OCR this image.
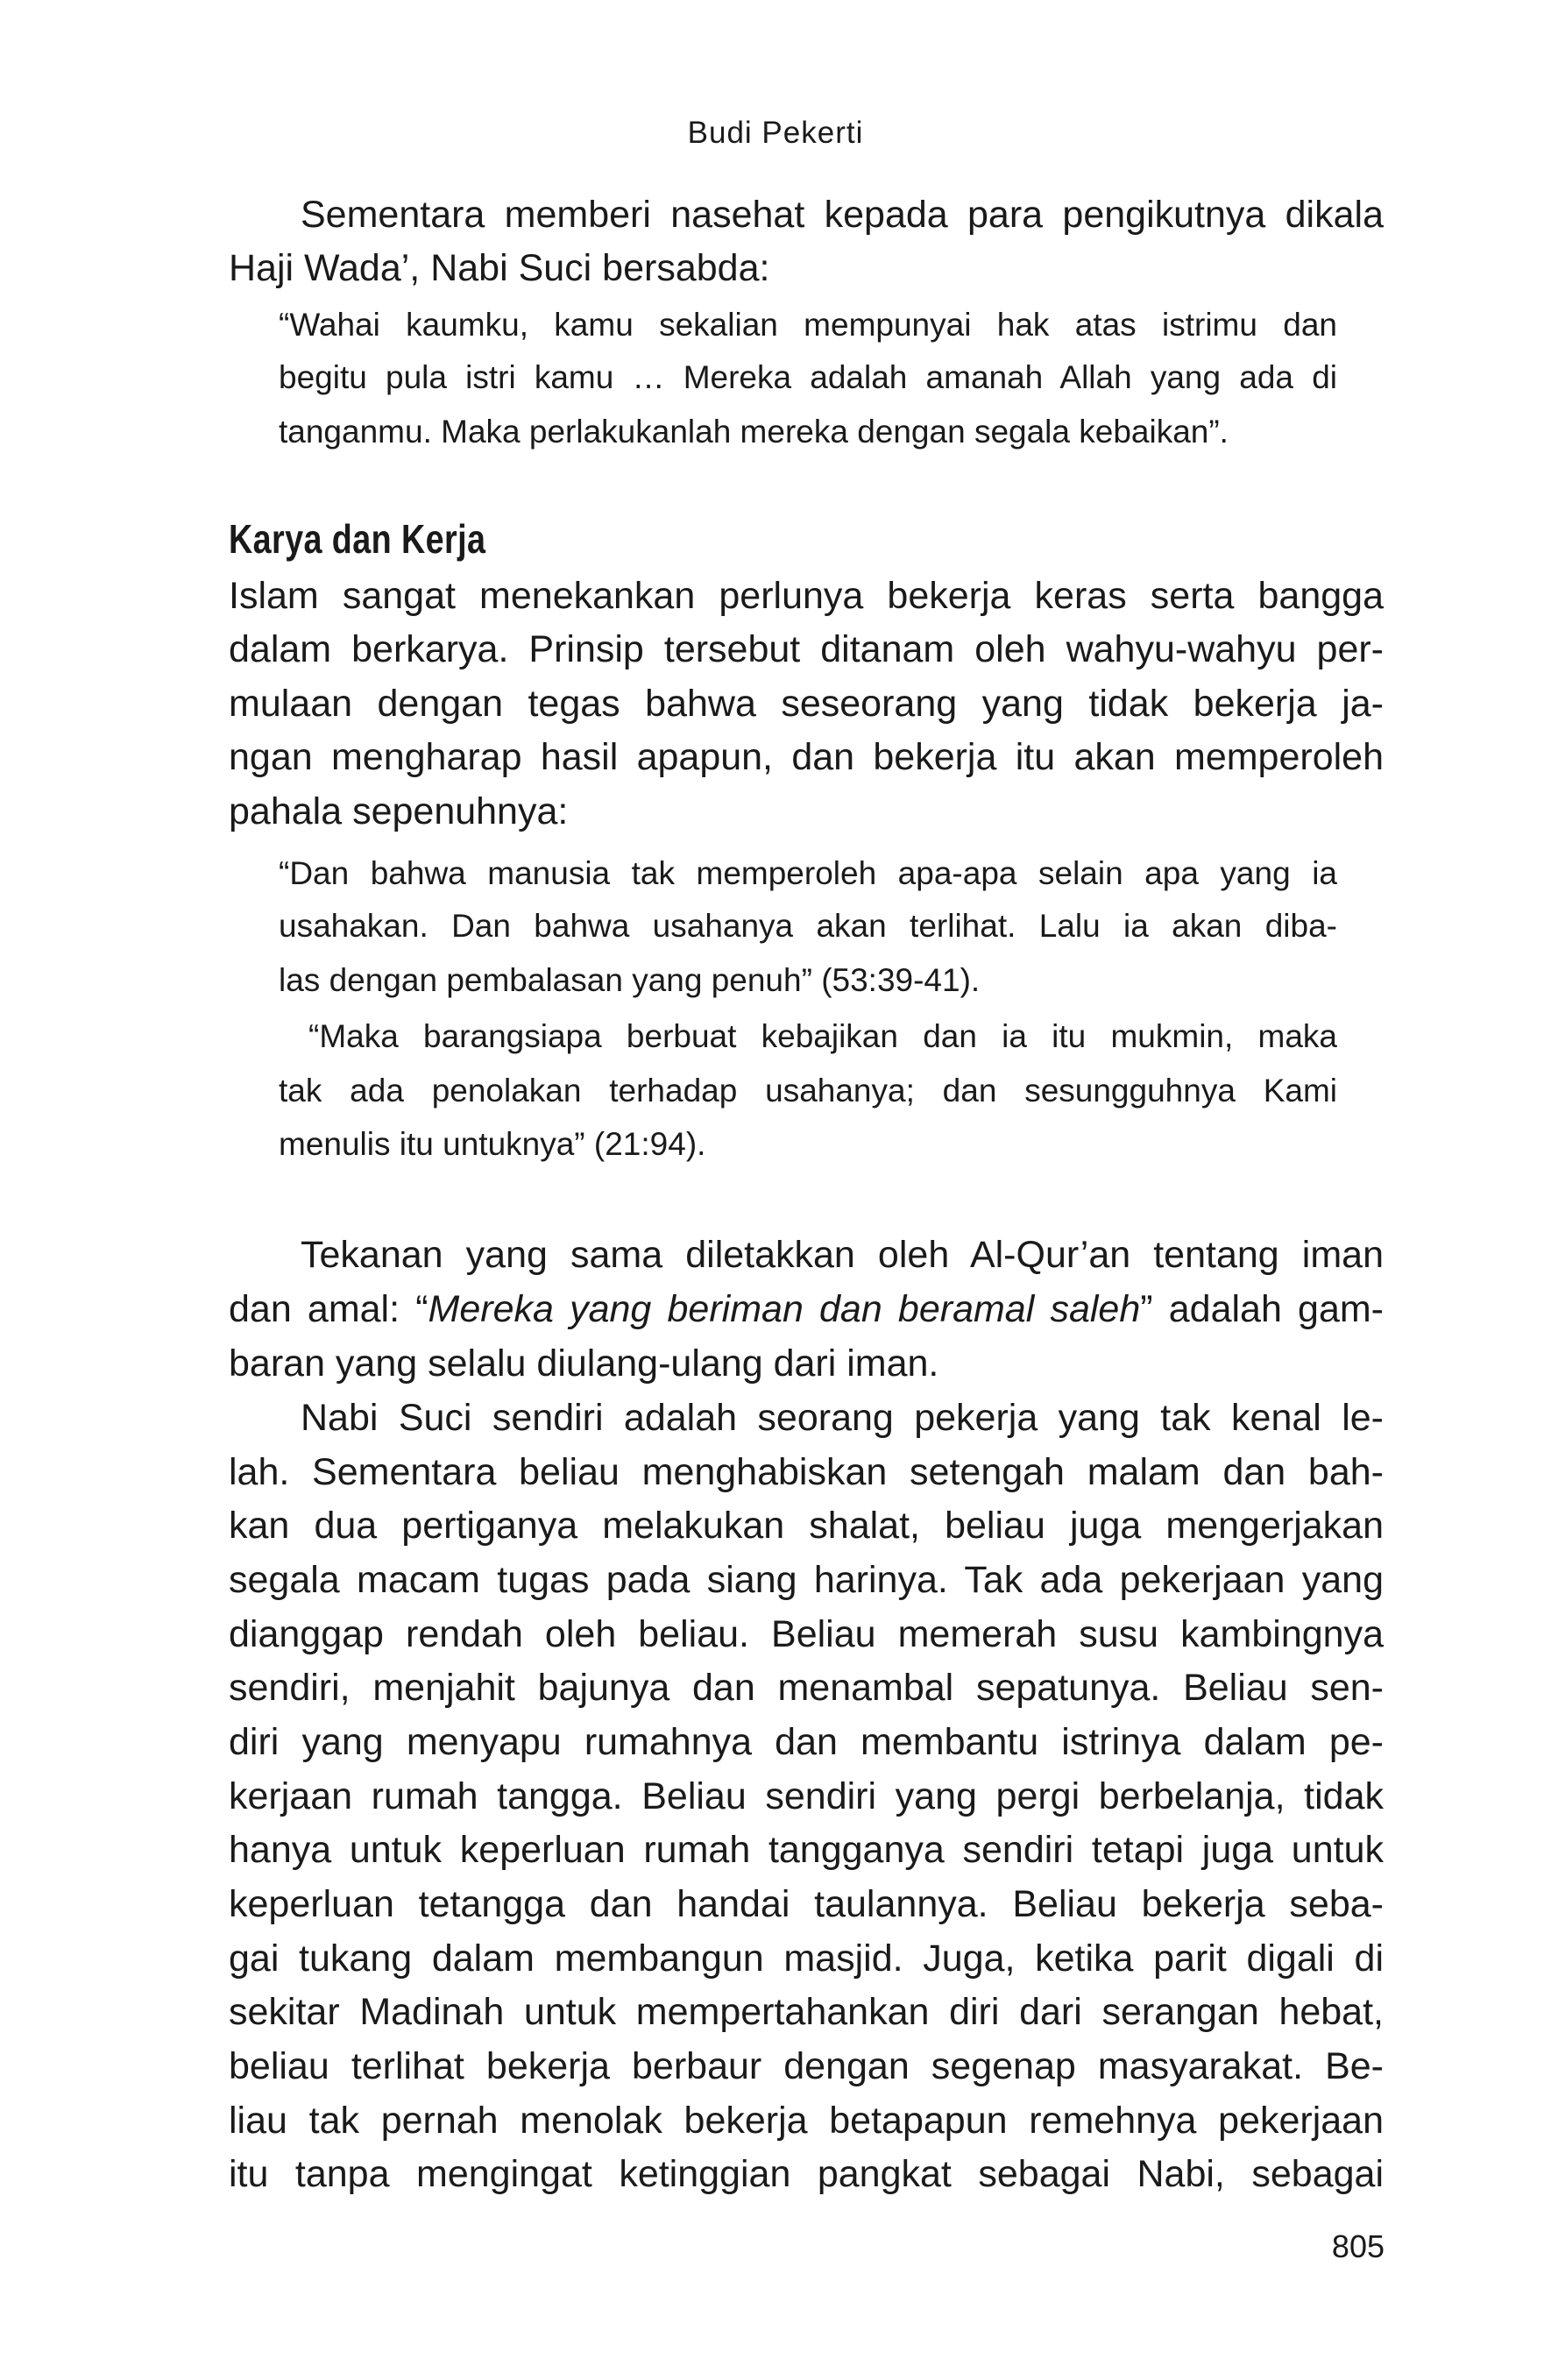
Budi Pekerti

Sementara memberi nasehat kepada para pengikutnya dikala

Haji Wada’, Nabi Suci bersabda:

“Wahai kaumku, kamu sekalian mempunyai hak atas istrimu dan

begitu pula istri kamu … Mereka adalah amanah Allah yang ada di

tanganmu. Maka perlakukanlah mereka dengan segala kebaikan”.

Karya dan Kerja

Islam sangat menekankan perlunya bekerja keras serta bangga

dalam berkarya. Prinsip tersebut ditanam oleh wahyu-wahyu per-

mulaan dengan tegas bahwa seseorang yang tidak bekerja ja-

ngan mengharap hasil apapun, dan bekerja itu akan memperoleh

pahala sepenuhnya:

“Dan bahwa manusia tak memperoleh apa-apa selain apa yang ia

usahakan. Dan bahwa usahanya akan terlihat. Lalu ia akan diba-

las dengan pembalasan yang penuh” (53:39-41).

“Maka barangsiapa berbuat kebajikan dan ia itu mukmin, maka

tak ada penolakan terhadap usahanya; dan sesungguhnya Kami

menulis itu untuknya” (21:94).

Tekanan yang sama diletakkan oleh Al-Qur’an tentang iman

dan amal: “Mereka yang beriman dan beramal saleh” adalah gam-

baran yang selalu diulang-ulang dari iman.

Nabi Suci sendiri adalah seorang pekerja yang tak kenal le-

lah. Sementara beliau menghabiskan setengah malam dan bah-

kan dua pertiganya melakukan shalat, beliau juga mengerjakan

segala macam tugas pada siang harinya. Tak ada pekerjaan yang

dianggap rendah oleh beliau. Beliau memerah susu kambingnya

sendiri, menjahit bajunya dan menambal sepatunya. Beliau sen-

diri yang menyapu rumahnya dan membantu istrinya dalam pe-

kerjaan rumah tangga. Beliau sendiri yang pergi berbelanja, tidak

hanya untuk keperluan rumah tangganya sendiri tetapi juga untuk

keperluan tetangga dan handai taulannya. Beliau bekerja seba-

gai tukang dalam membangun masjid. Juga, ketika parit digali di

sekitar Madinah untuk mempertahankan diri dari serangan hebat,

beliau terlihat bekerja berbaur dengan segenap masyarakat. Be-

liau tak pernah menolak bekerja betapapun remehnya pekerjaan

itu tanpa mengingat ketinggian pangkat sebagai Nabi, sebagai

805
